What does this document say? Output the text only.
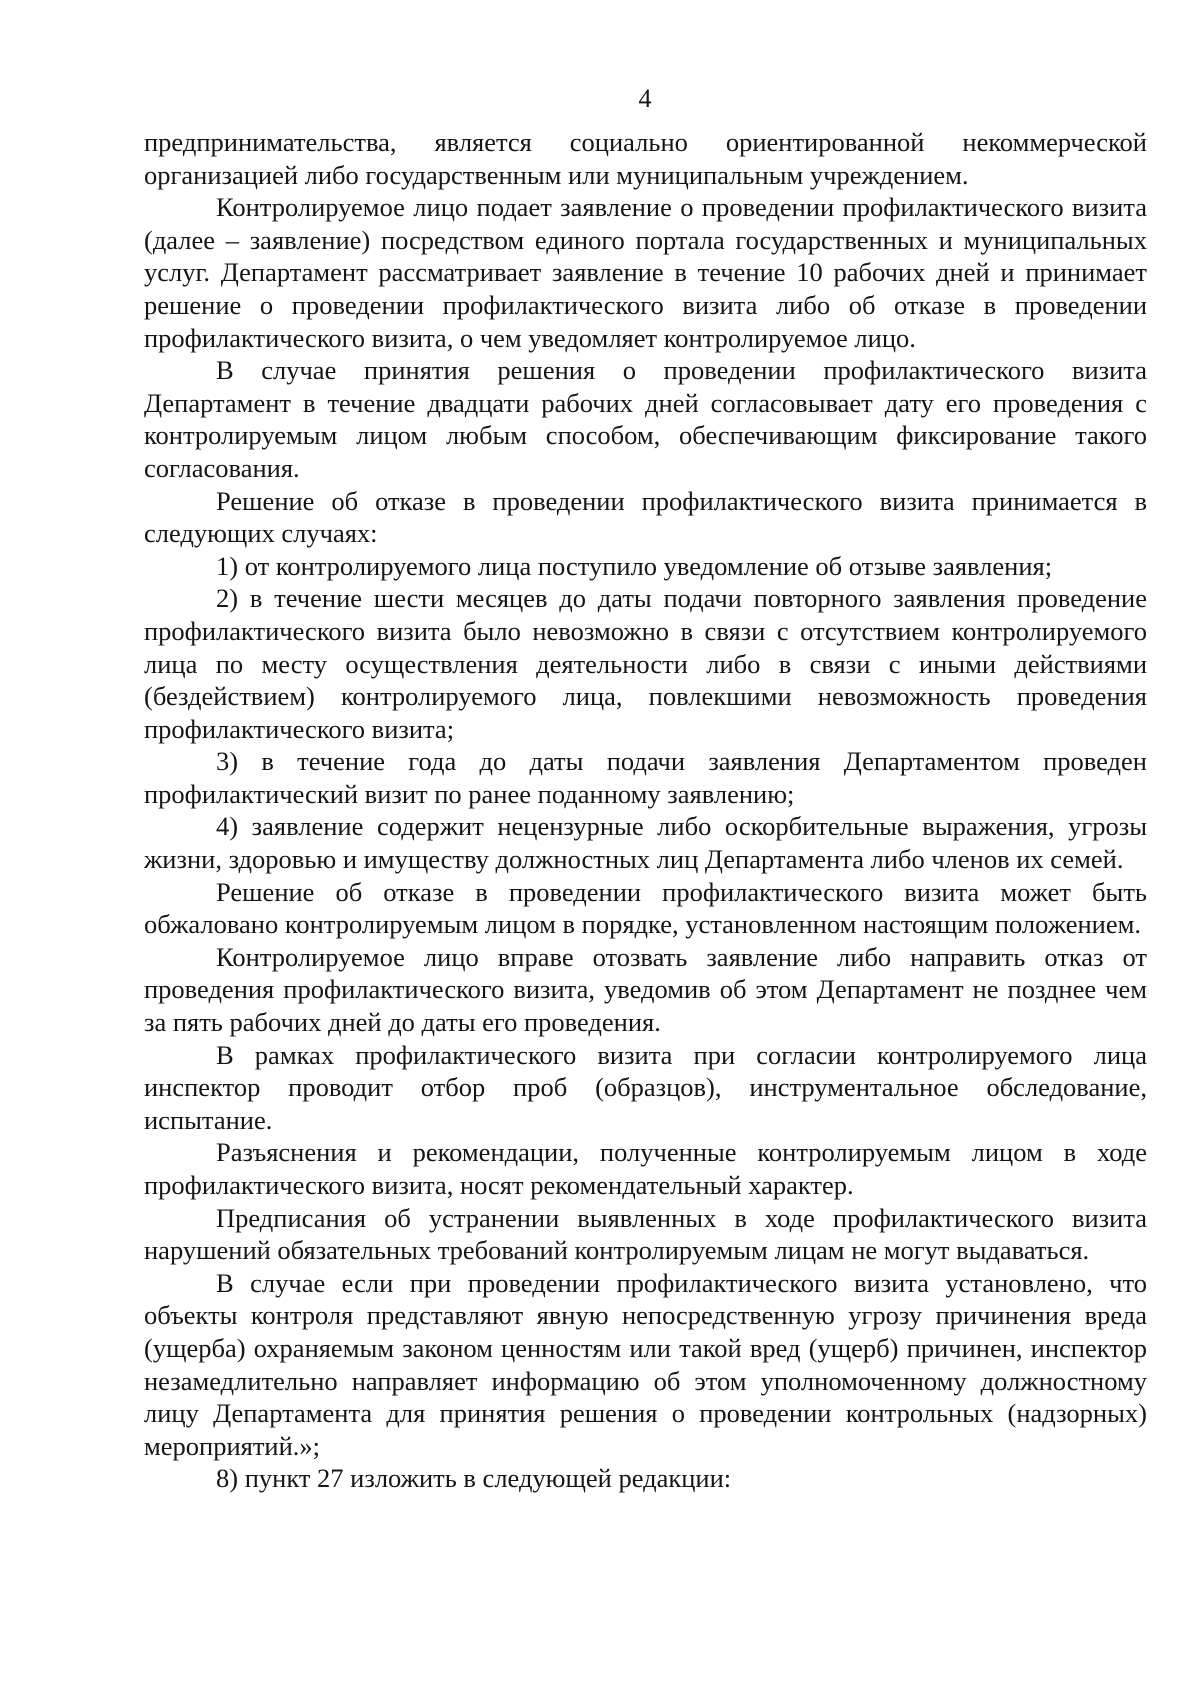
4

предпринимательства, является социально ориентированной некоммерческой организацией либо государственным или муниципальным учреждением.

Контролируемое лицо подает заявление о проведении профилактического визита (далее – заявление) посредством единого портала государственных и муниципальных услуг. Департамент рассматривает заявление в течение 10 рабочих дней и принимает решение о проведении профилактического визита либо об отказе в проведении профилактического визита, о чем уведомляет контролируемое лицо.

В случае принятия решения о проведении профилактического визита Департамент в течение двадцати рабочих дней согласовывает дату его проведения с контролируемым лицом любым способом, обеспечивающим фиксирование такого согласования.

Решение об отказе в проведении профилактического визита принимается в следующих случаях:

1) от контролируемого лица поступило уведомление об отзыве заявления;

2) в течение шести месяцев до даты подачи повторного заявления проведение профилактического визита было невозможно в связи с отсутствием контролируемого лица по месту осуществления деятельности либо в связи с иными действиями (бездействием) контролируемого лица, повлекшими невозможность проведения профилактического визита;

3) в течение года до даты подачи заявления Департаментом проведен профилактический визит по ранее поданному заявлению;

4) заявление содержит нецензурные либо оскорбительные выражения, угрозы жизни, здоровью и имуществу должностных лиц Департамента либо членов их семей.

Решение об отказе в проведении профилактического визита может быть обжаловано контролируемым лицом в порядке, установленном настоящим положением.

Контролируемое лицо вправе отозвать заявление либо направить отказ от проведения профилактического визита, уведомив об этом Департамент не позднее чем за пять рабочих дней до даты его проведения.

В рамках профилактического визита при согласии контролируемого лица инспектор проводит отбор проб (образцов), инструментальное обследование, испытание.

Разъяснения и рекомендации, полученные контролируемым лицом в ходе профилактического визита, носят рекомендательный характер.

Предписания об устранении выявленных в ходе профилактического визита нарушений обязательных требований контролируемым лицам не могут выдаваться.

В случае если при проведении профилактического визита установлено, что объекты контроля представляют явную непосредственную угрозу причинения вреда (ущерба) охраняемым законом ценностям или такой вред (ущерб) причинен, инспектор незамедлительно направляет информацию об этом уполномоченному должностному лицу Департамента для принятия решения о проведении контрольных (надзорных) мероприятий.»;

8) пункт 27 изложить в следующей редакции:
